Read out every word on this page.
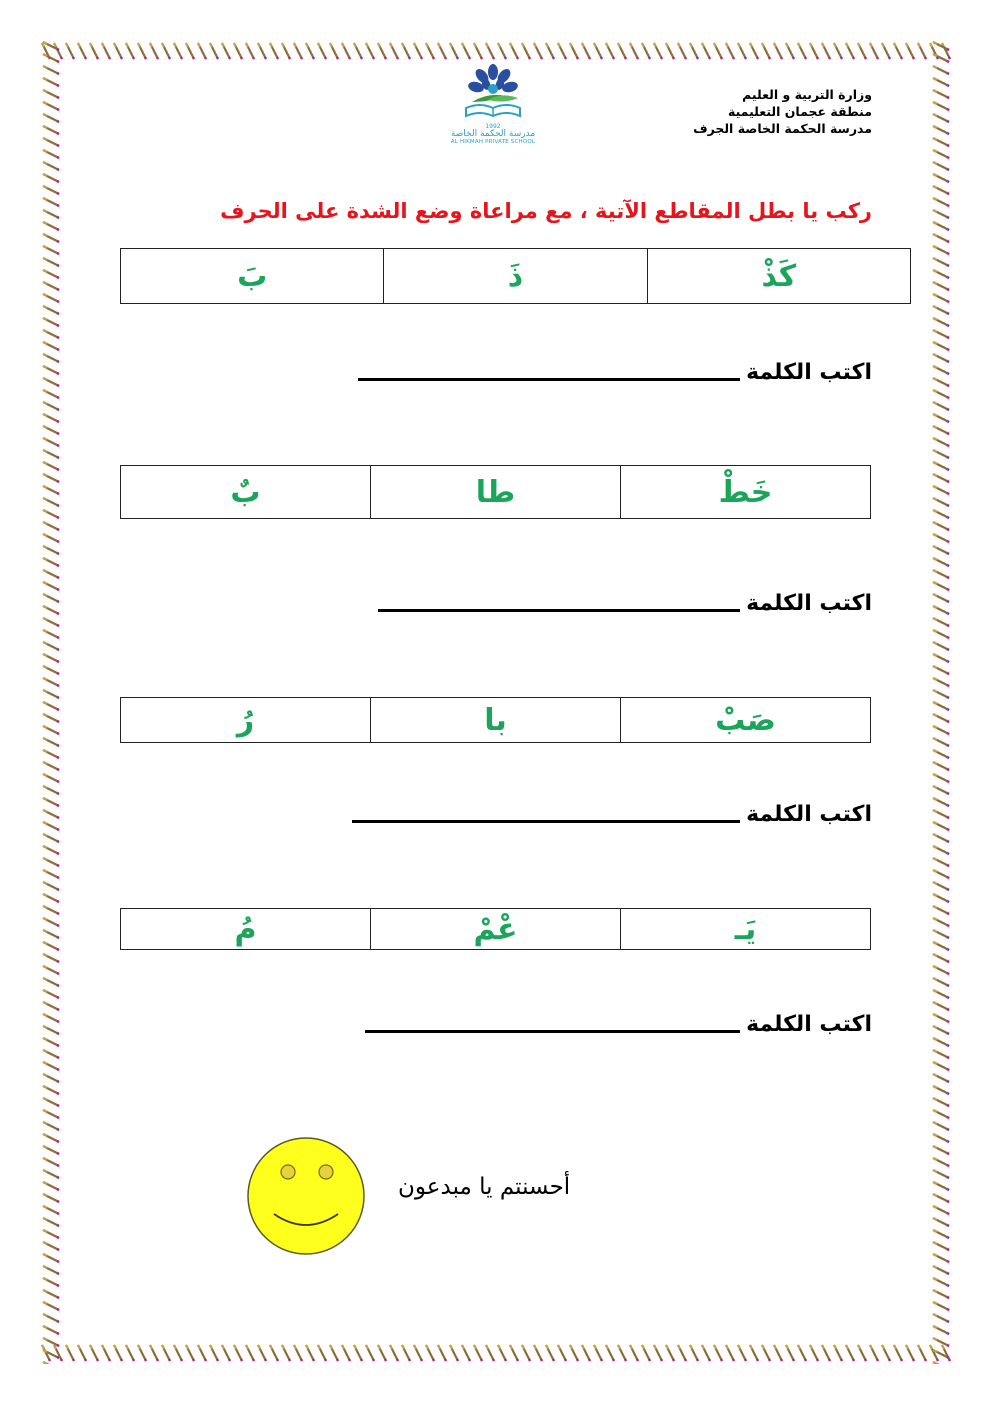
وزارة التربية و العليم
منطقة عجمان التعليمية
مدرسة الحكمة الخاصة الجرف
1992
مدرسة الحكمة الخاصة
AL HIKMAH PRIVATE SCHOOL
ركب يا بطل المقاطع الآتية ، مع مراعاة وضع الشدة على الحرف
كَذْ	ذَ	بَ
اكتب الكلمة
خَطْ	طا	بٌ
اكتب الكلمة
صَبْ	با	رُ
اكتب الكلمة
يَـ	عْمْ	مُ
اكتب الكلمة
أحسنتم يا مبدعون
